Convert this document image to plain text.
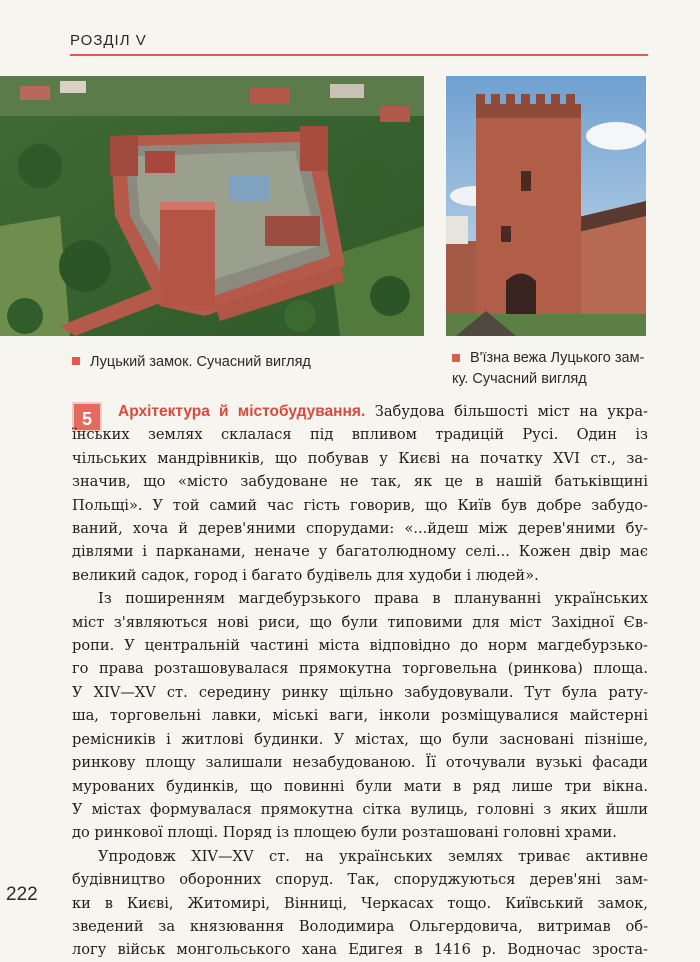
РОЗДІЛ V
Луцький замок. Сучасний вигляд	В'їзна вежа Луцького зам-
ку. Сучасний вигляд
5	Архітектура й містобудування. Забудова більшості міст на укра-
їнських землях склалася під впливом традицій Русі. Один із
чільських мандрівників, що побував у Києві на початку XVI ст., за-
значив, що «місто забудоване не так, як це в нашій батьківщині
Польщі». У той самий час гість говорив, що Київ був добре забудо-
ваний, хоча й дерев'яними спорудами: «...йдеш між дерев'яними бу-
дівлями і парканами, неначе у багатолюдному селі... Кожен двір має
великий садок, город і багато будівель для худоби і людей».
Із поширенням магдебурзького права в плануванні українських
міст з'являються нові риси, що були типовими для міст Західної Єв-
ропи. У центральній частині міста відповідно до норм магдебурзько-
го права розташовувалася прямокутна торговельна (ринкова) площа.
У XIV—XV ст. середину ринку щільно забудовували. Тут була рату-
ша, торговельні лавки, міські ваги, інколи розміщувалися майстерні
ремісників і житлові будинки. У містах, що були засновані пізніше,
ринкову площу залишали незабудованою. Її оточували вузькі фасади
мурованих будинків, що повинні були мати в ряд лише три вікна.
У містах формувалася прямокутна сітка вулиць, головні з яких йшли
до ринкової площі. Поряд із площею були розташовані головні храми.
Упродовж XIV—XV ст. на українських землях триває активне
будівництво оборонних споруд. Так, споруджуються дерев'яні зам-
ки в Києві, Житомирі, Вінниці, Черкасах тощо. Київський замок,
зведений за князювання Володимира Ольгердовича, витримав об-
логу військ монгольського хана Едигея в 1416 р. Водночас зроста-
222
